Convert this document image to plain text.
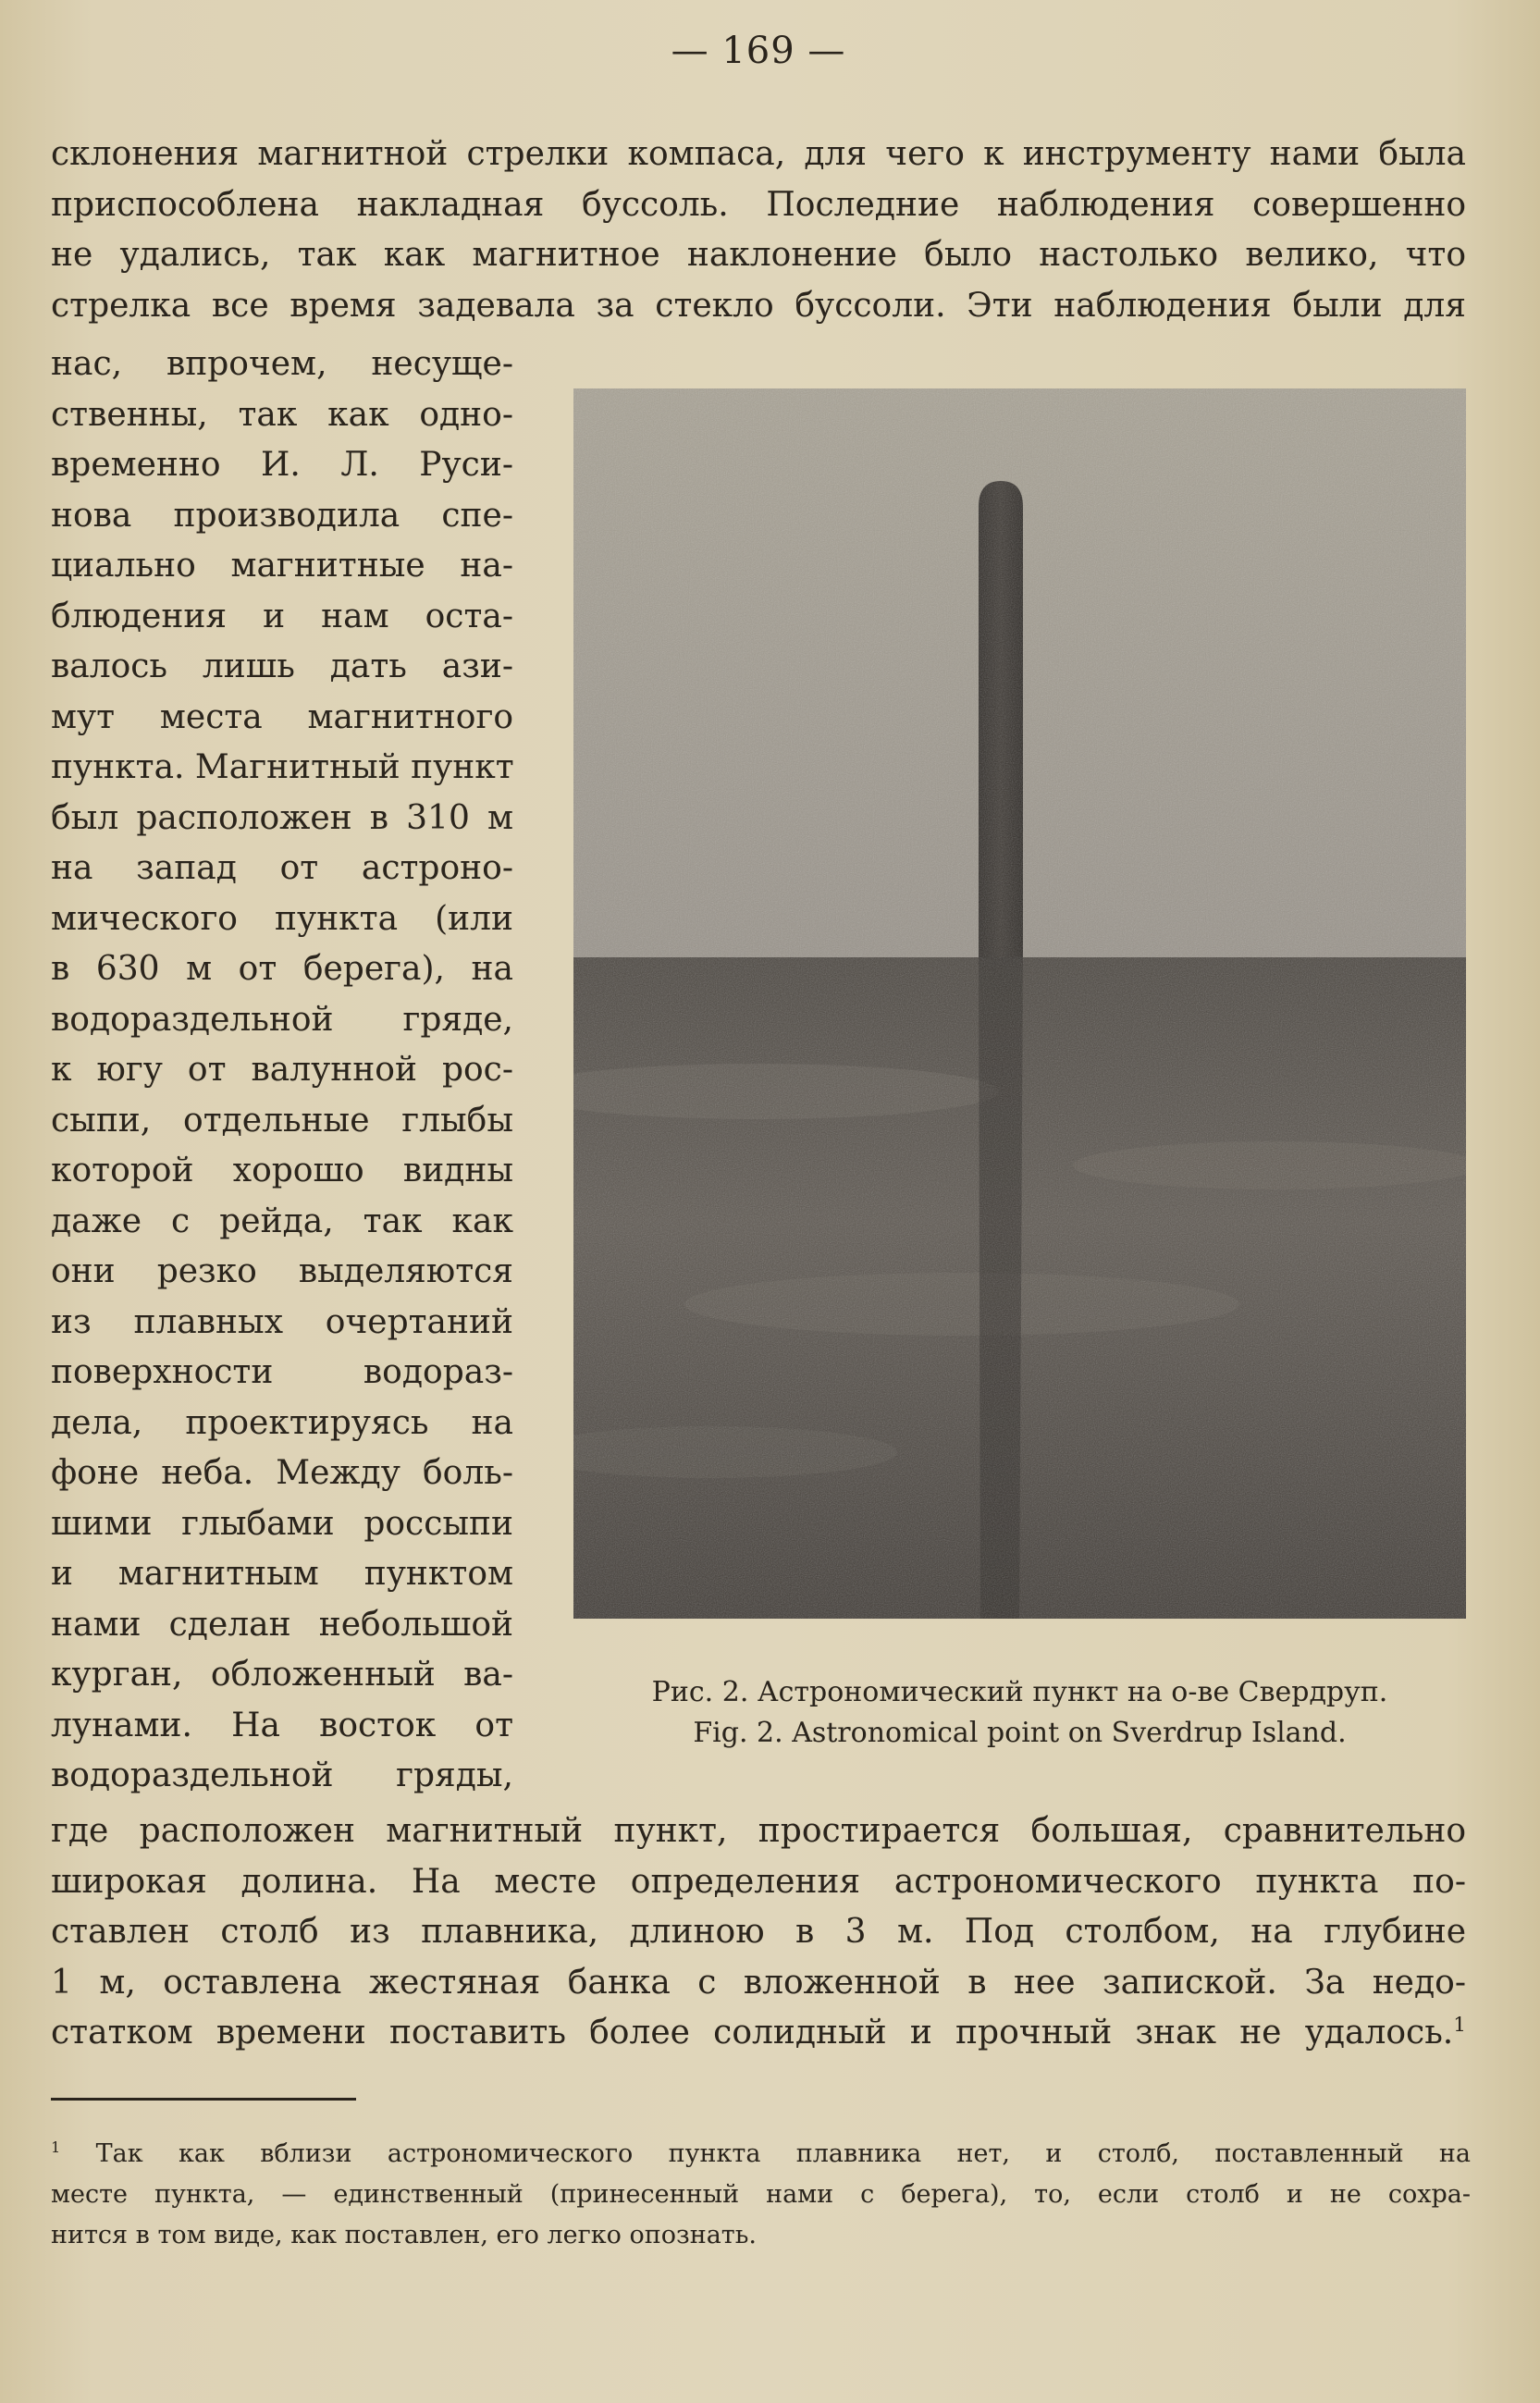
— 169 —
склонения магнитной стрелки компаса, для чего к инструменту нами была
приспособлена накладная буссоль. Последние наблюдения совершенно
не удались, так как магнитное наклонение было настолько велико, что
стрелка все время задевала за стекло буссоли. Эти наблюдения были для
нас, впрочем, несуще-
ственны, так как одно-
временно И. Л. Руси-
нова производила спе-
циально магнитные на-
блюдения и нам оста-
валось лишь дать ази-
мут места магнитного
пункта. Магнитный пункт
был расположен в 310 м
на запад от астроно-
мического пункта (или
в 630 м от берега), на
водораздельной гряде,
к югу от валунной рос-
сыпи, отдельные глыбы
которой хорошо видны
даже с рейда, так как
они резко выделяются
из плавных очертаний
поверхности водораз-
дела, проектируясь на
фоне неба. Между боль-
шими глыбами россыпи
и магнитным пунктом
нами сделан небольшой
курган, обложенный ва-
лунами. На восток от
водораздельной гряды,
Рис. 2. Астрономический пункт на о-ве Свердруп.
Fig. 2. Astronomical point on Sverdrup Island.
где расположен магнитный пункт, простирается большая, сравнительно
широкая долина. На месте определения астрономического пункта по-
ставлен столб из плавника, длиною в 3 м. Под столбом, на глубине
1 м, оставлена жестяная банка с вложенной в нее запиской. За недо-
статком времени поставить более солидный и прочный знак не удалось.$^1$
$^1$ Так как вблизи астрономического пункта плавника нет, и столб, поставленный на
месте пункта, — единственный (принесенный нами с берега), то, если столб и не сохра-
нится в том виде, как поставлен, его легко опознать.
